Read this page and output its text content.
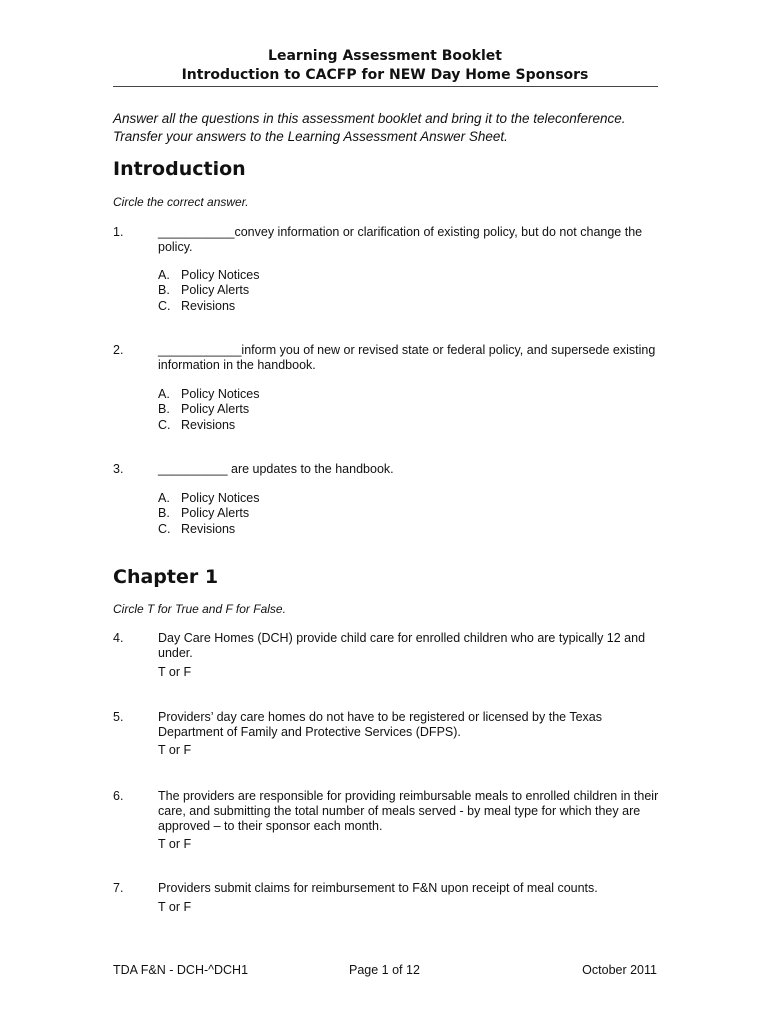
Learning Assessment Booklet
Introduction to CACFP for NEW Day Home Sponsors
Answer all the questions in this assessment booklet and bring it to the teleconference. Transfer your answers to the Learning Assessment Answer Sheet.
Introduction
Circle the correct answer.
1.	___________convey information or clarification of existing policy, but do not change the policy.
A. Policy Notices
B. Policy Alerts
C. Revisions
2.	____________inform you of new or revised state or federal policy, and supersede existing information in the handbook.
A. Policy Notices
B. Policy Alerts
C. Revisions
3.	__________ are updates to the handbook.
A. Policy Notices
B. Policy Alerts
C. Revisions
Chapter 1
Circle T for True and F for False.
4.	Day Care Homes (DCH) provide child care for enrolled children who are typically 12 and under.
T or F
5.	Providers’ day care homes do not have to be registered or licensed by the Texas Department of Family and Protective Services (DFPS).
T or F
6.	The providers are responsible for providing reimbursable meals to enrolled children in their care, and submitting the total number of meals served - by meal type for which they are approved – to their sponsor each month.
T or F
7.	Providers submit claims for reimbursement to F&N upon receipt of meal counts.
T or F
TDA F&N - DCH-^DCH1	Page 1 of 12	October 2011
